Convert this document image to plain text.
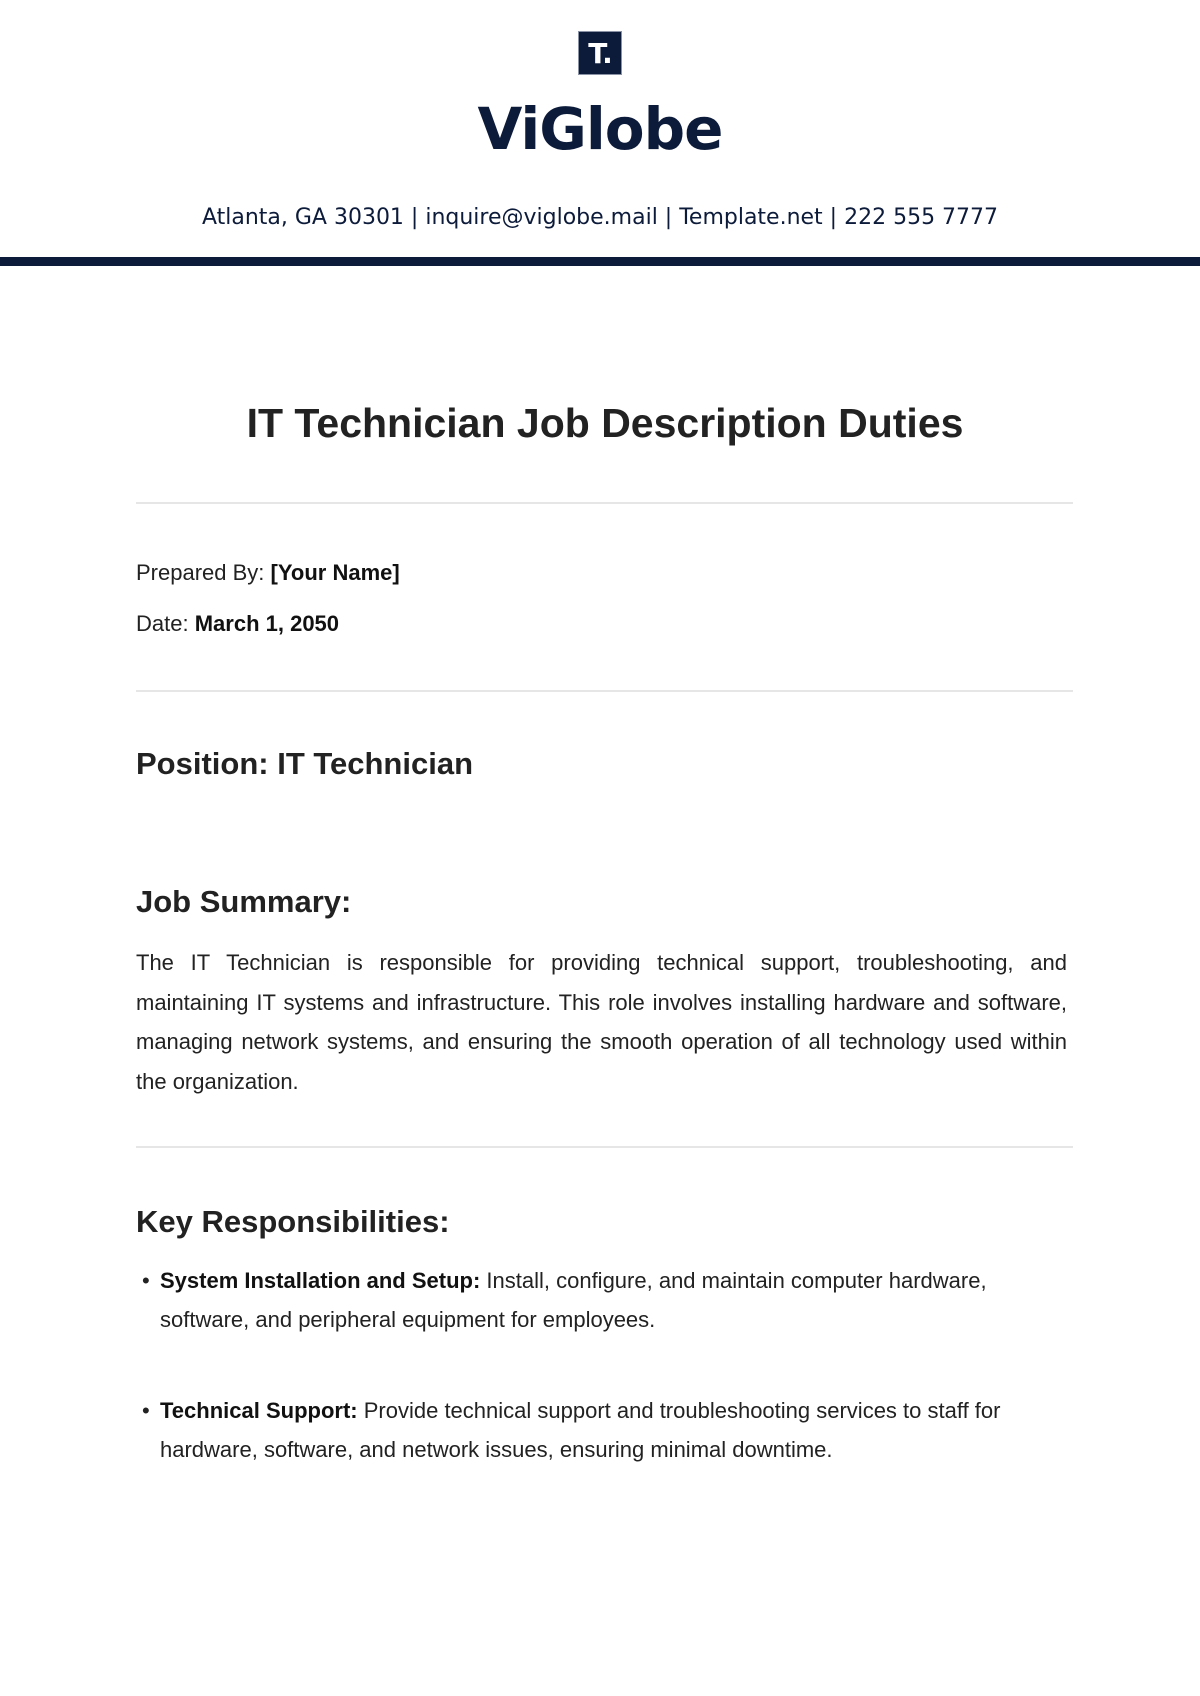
T.
ViGlobe
Atlanta, GA 30301 | inquire@viglobe.mail | Template.net | 222 555 7777
IT Technician Job Description Duties
Prepared By: [Your Name]
Date: March 1, 2050
Position: IT Technician
Job Summary:

The IT Technician is responsible for providing technical support, troubleshooting, and maintaining IT systems and infrastructure. This role involves installing hardware and software, managing network systems, and ensuring the smooth operation of all technology used within the organization.

Key Responsibilities:

• System Installation and Setup: Install, configure, and maintain computer hardware, software, and peripheral equipment for employees.

• Technical Support: Provide technical support and troubleshooting services to staff for hardware, software, and network issues, ensuring minimal downtime.
